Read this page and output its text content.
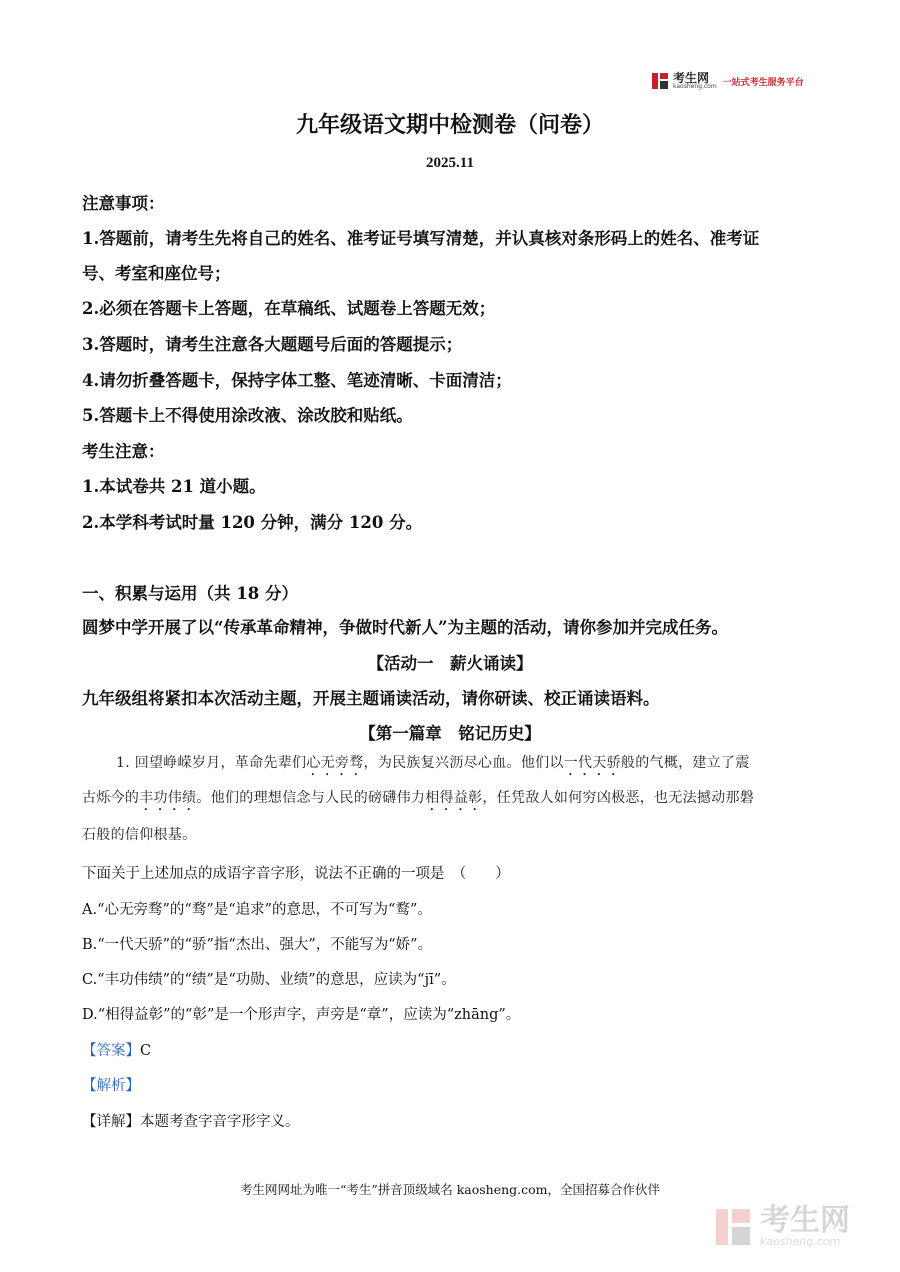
考生网
kaosheng.com 一站式考生服务平台
九年级语文期中检测卷（问卷）
2025.11
注意事项：
1.答题前，请考生先将自己的姓名、准考证号填写清楚，并认真核对条形码上的姓名、准考证
号、考室和座位号；
2.必须在答题卡上答题，在草稿纸、试题卷上答题无效；
3.答题时，请考生注意各大题题号后面的答题提示；
4.请勿折叠答题卡，保持字体工整、笔迹清晰、卡面清洁；
5.答题卡上不得使用涂改液、涂改胶和贴纸。
考生注意：
1.本试卷共 21 道小题。
2.本学科考试时量 120 分钟，满分 120 分。
一、积累与运用（共 18 分）
圆梦中学开展了以“传承革命精神，争做时代新人”为主题的活动，请你参加并完成任务。
【活动一　薪火诵读】
九年级组将紧扣本次活动主题，开展主题诵读活动，请你研读、校正诵读语料。
【第一篇章　铭记历史】
1. 回望峥嵘岁月，革命先辈们心无旁骛，为民族复兴沥尽心血。他们以一代天骄般的气概，建立了震
古烁今的丰功伟绩。他们的理想信念与人民的磅礴伟力相得益彰，任凭敌人如何穷凶极恶，也无法撼动那磐
石般的信仰根基。
下面关于上述加点的成语字音字形，说法不正确的一项是　（　　）
A.“心无旁骛”的“骛”是“追求”的意思，不可写为“鹜”。
B.“一代天骄”的“骄”指“杰出、强大”，不能写为“娇”。
C.“丰功伟绩”的“绩”是“功勋、业绩”的意思，应读为“jī”。
D.“相得益彰”的“彰”是一个形声字，声旁是“章”，应读为“zhāng”。
【答案】C
【解析】
【详解】本题考查字音字形字义。
考生网网址为唯一“考生”拼音顶级域名 kaosheng.com，全国招募合作伙伴
考生网
kaosheng.com
